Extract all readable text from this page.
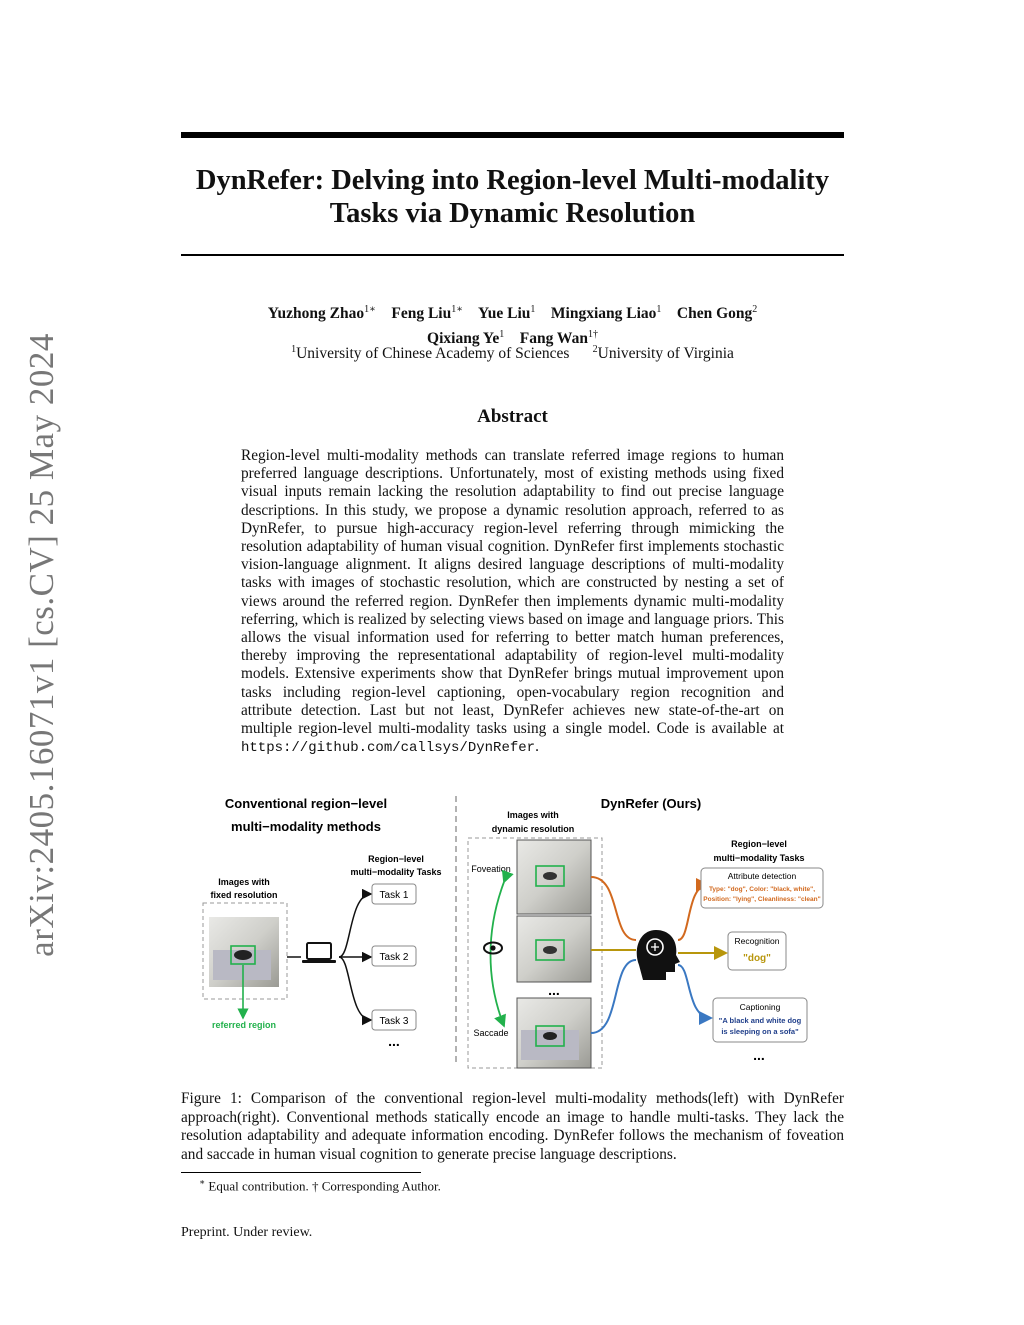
arXiv:2405.16071v1 [cs.CV] 25 May 2024
DynRefer: Delving into Region-level Multi-modality
Tasks via Dynamic Resolution
Yuzhong Zhao$^{1∗}$ Feng Liu$^{1∗}$ Yue Liu$^1$ Mingxiang Liao$^1$ Chen Gong$^2$
Qixiang Ye$^1$ Fang Wan$^{1\dagger}$
$^1$University of Chinese Academy of Sciences $^2$University of Virginia
Abstract
Region-level multi-modality methods can translate referred image regions to human preferred language descriptions. Unfortunately, most of existing methods using fixed visual inputs remain lacking the resolution adaptability to find out precise language descriptions. In this study, we propose a dynamic resolution approach, referred to as DynRefer, to pursue high-accuracy region-level referring through mimicking the resolution adaptability of human visual cognition. DynRefer first implements stochastic vision-language alignment. It aligns desired language descriptions of multi-modality tasks with images of stochastic resolution, which are constructed by nesting a set of views around the referred region. DynRefer then implements dynamic multi-modality referring, which is realized by selecting views based on image and language priors. This allows the visual information used for referring to better match human preferences, thereby improving the representational adaptability of region-level multi-modality models. Extensive experiments show that DynRefer brings mutual improvement upon tasks including region-level captioning, open-vocabulary region recognition and attribute detection. Last but not least, DynRefer achieves new state-of-the-art on multiple region-level multi-modality tasks using a single model. Code is available at https://github.com/callsys/DynRefer.
Conventional region−level
multi−modality methods
Images with
fixed resolution
referred region
Region−level
multi−modality Tasks
Task 1
Task 2
Task 3
...
DynRefer (Ours)
Images with
dynamic resolution
Foveation
Saccade
...
Region−level
multi−modality Tasks
Attribute detection
Type: "dog", Color: "black, white",
Position: "lying", Cleanliness: "clean"
Recognition
"dog"
Captioning
"A black and white dog
is sleeping on a sofa"
...
Figure 1: Comparison of the conventional region-level multi-modality methods(left) with DynRefer approach(right). Conventional methods statically encode an image to handle multi-tasks. They lack the resolution adaptability and adequate information encoding. DynRefer follows the mechanism of foveation and saccade in human visual cognition to generate precise language descriptions.
∗ Equal contribution. † Corresponding Author.
Preprint. Under review.
